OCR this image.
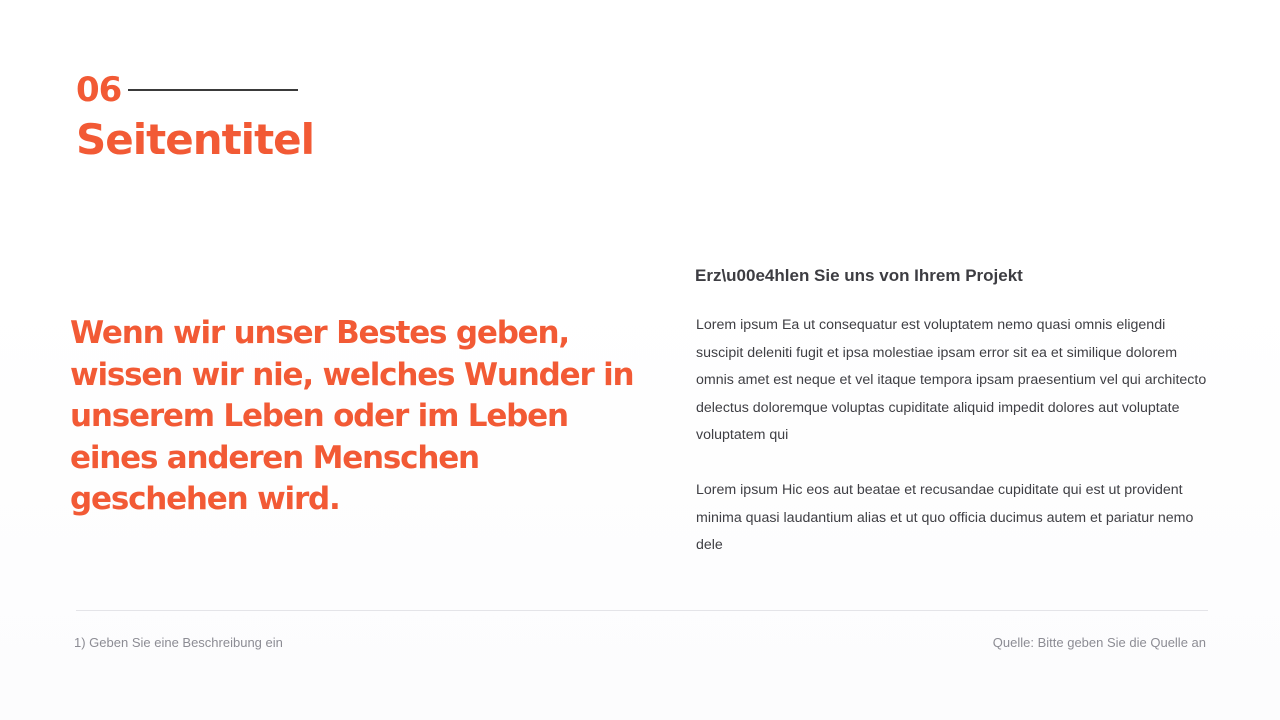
06
Seitentitel

Wenn wir unser Bestes geben, wissen wir nie, welches Wunder in unserem Leben oder im Leben eines anderen Menschen geschehen wird.

Erz\u00e4hlen Sie uns von Ihrem Projekt

Lorem ipsum Ea ut consequatur est voluptatem nemo quasi omnis eligendi suscipit deleniti fugit et ipsa molestiae ipsam error sit ea et similique dolorem omnis amet est neque et vel itaque tempora ipsam praesentium vel qui architecto delectus doloremque voluptas cupiditate aliquid impedit dolores aut voluptate voluptatem qui

Lorem ipsum Hic eos aut beatae et recusandae cupiditate qui est ut provident minima quasi laudantium alias et ut quo officia ducimus autem et pariatur nemo dele

1) Geben Sie eine Beschreibung ein	Quelle: Bitte geben Sie die Quelle an
